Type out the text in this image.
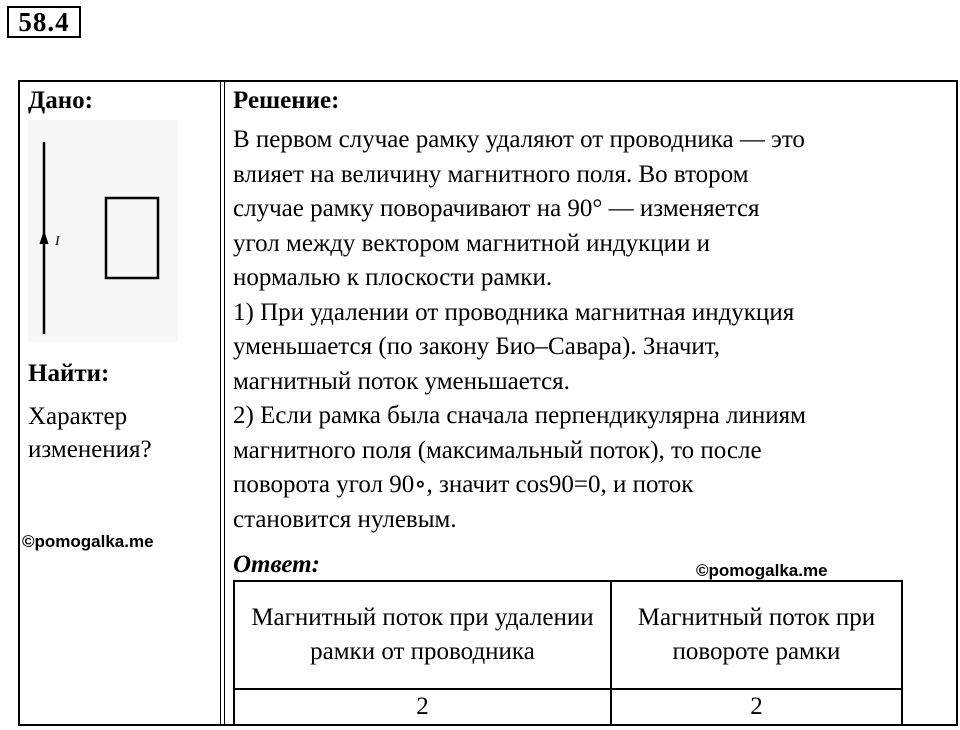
58.4
Дано:	Решение:
I
Найти:
Характер изменения?
©pomogalka.me

В первом случае рамку удаляют от проводника — это
влияет на величину магнитного поля. Во втором
случае рамку поворачивают на 90° — изменяется
угол между вектором магнитной индукции и
нормалью к плоскости рамки.

1) При удалении от проводника магнитная индукция
уменьшается (по закону Био–Савара). Значит,
магнитный поток уменьшается.

2) Если рамка была сначала перпендикулярна линиям
магнитного поля (максимальный поток), то после
поворота угол 90∘, значит cos90=0, и поток
становится нулевым.

Ответ:	©pomogalka.me
Магнитный поток при удалении рамки от проводника	Магнитный поток при повороте рамки
2	2
